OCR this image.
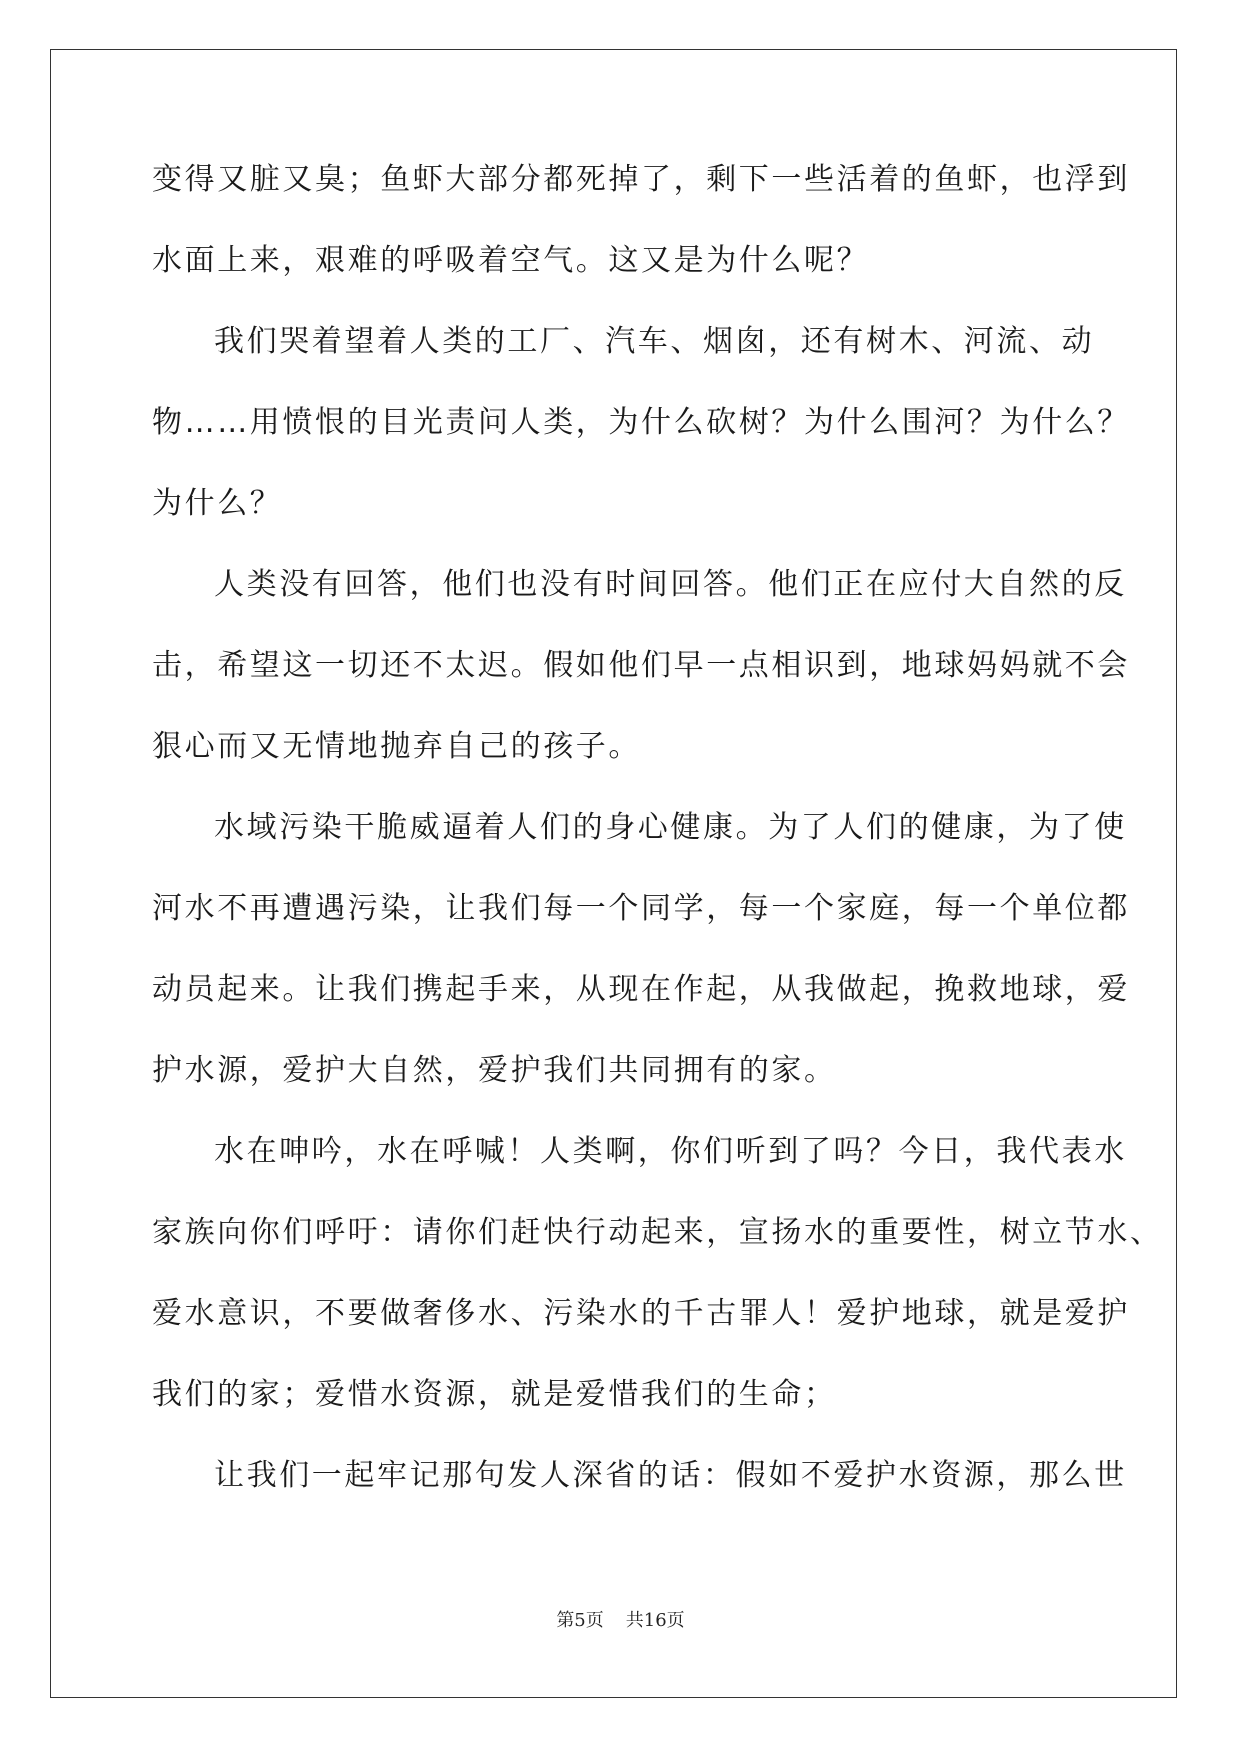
变得又脏又臭；鱼虾大部分都死掉了，剩下一些活着的鱼虾，也浮到
水面上来，艰难的呼吸着空气。这又是为什么呢？
我们哭着望着人类的工厂、汽车、烟囱，还有树木、河流、动
物……用愤恨的目光责问人类，为什么砍树？为什么围河？为什么？
为什么？
人类没有回答，他们也没有时间回答。他们正在应付大自然的反
击，希望这一切还不太迟。假如他们早一点相识到，地球妈妈就不会
狠心而又无情地抛弃自己的孩子。
水域污染干脆威逼着人们的身心健康。为了人们的健康，为了使
河水不再遭遇污染，让我们每一个同学，每一个家庭，每一个单位都
动员起来。让我们携起手来，从现在作起，从我做起，挽救地球，爱
护水源，爱护大自然，爱护我们共同拥有的家。
水在呻吟，水在呼喊！人类啊，你们听到了吗？今日，我代表水
家族向你们呼吁：请你们赶快行动起来，宣扬水的重要性，树立节水、
爱水意识，不要做奢侈水、污染水的千古罪人！爱护地球，就是爱护
我们的家；爱惜水资源，就是爱惜我们的生命；
让我们一起牢记那句发人深省的话：假如不爱护水资源，那么世
第5页 共16页
